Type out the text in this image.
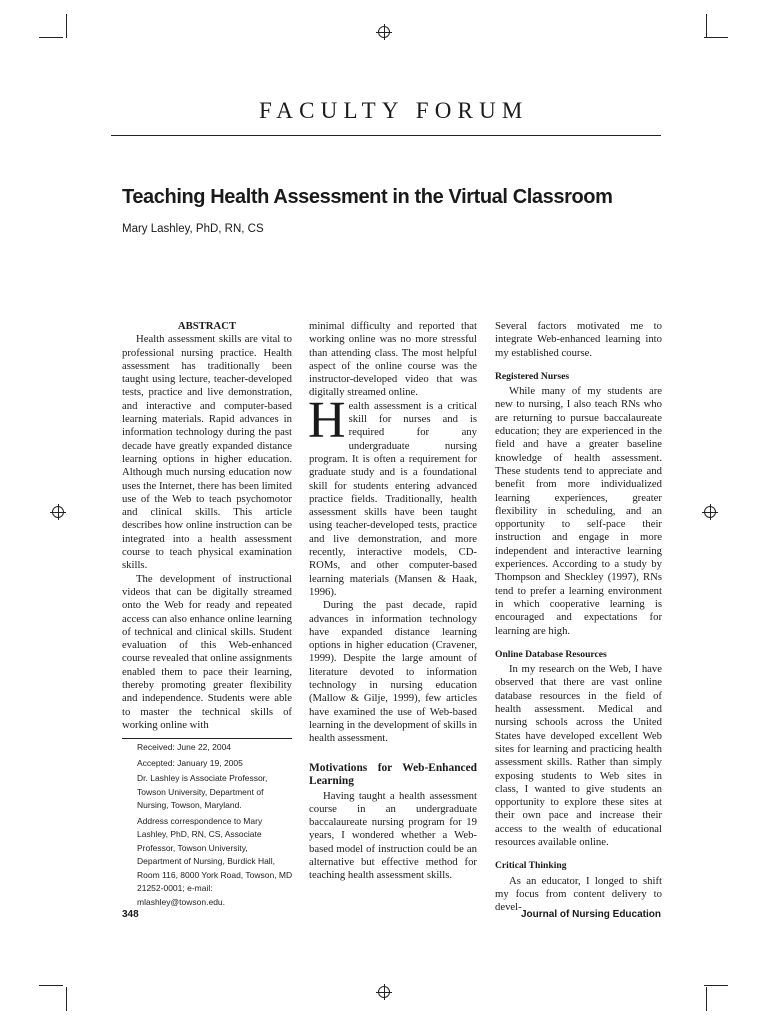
FACULTY FORUM
Teaching Health Assessment in the Virtual Classroom
Mary Lashley, PhD, RN, CS
ABSTRACT

Health assessment skills are vital to professional nursing practice. Health assessment has traditionally been taught using lecture, teacher-developed tests, practice and live demonstration, and interactive and computer-based learning materials. Rapid advances in information technology during the past decade have greatly expanded distance learning options in higher education. Although much nursing education now uses the Internet, there has been limited use of the Web to teach psychomotor and clinical skills. This article describes how online instruction can be integrated into a health assessment course to teach physical examination skills.

The development of instructional videos that can be digitally streamed onto the Web for ready and repeated access can also enhance online learning of technical and clinical skills. Student evaluation of this Web-enhanced course revealed that online assignments enabled them to pace their learning, thereby promoting greater flexibility and independence. Students were able to master the technical skills of working online with

Received: June 22, 2004

Accepted: January 19, 2005

Dr. Lashley is Associate Professor, Towson University, Department of Nursing, Towson, Maryland.

Address correspondence to Mary Lashley, PhD, RN, CS, Associate Professor, Towson University, Department of Nursing, Burdick Hall, Room 116, 8000 York Road, Towson, MD 21252-0001; e-mail: mlashley@towson.edu.

minimal difficulty and reported that working online was no more stressful than attending class. The most helpful aspect of the online course was the instructor-developed video that was digitally streamed online.

Health assessment is a critical skill for nurses and is required for any undergraduate nursing program. It is often a requirement for graduate study and is a foundational skill for students entering advanced practice fields. Traditionally, health assessment skills have been taught using teacher-developed tests, practice and live demonstration, and more recently, interactive models, CD-ROMs, and other computer-based learning materials (Mansen & Haak, 1996).

During the past decade, rapid advances in information technology have expanded distance learning options in higher education (Cravener, 1999). Despite the large amount of literature devoted to information technology in nursing education (Mallow & Gilje, 1999), few articles have examined the use of Web-based learning in the development of skills in health assessment.

Motivations for Web-Enhanced Learning

Having taught a health assessment course in an undergraduate baccalaureate nursing program for 19 years, I wondered whether a Web-based model of instruction could be an alternative but effective method for teaching health assessment skills.

Several factors motivated me to integrate Web-enhanced learning into my established course.

Registered Nurses

While many of my students are new to nursing, I also teach RNs who are returning to pursue baccalaureate education; they are experienced in the field and have a greater baseline knowledge of health assessment. These students tend to appreciate and benefit from more individualized learning experiences, greater flexibility in scheduling, and an opportunity to self-pace their instruction and engage in more independent and interactive learning experiences. According to a study by Thompson and Sheckley (1997), RNs tend to prefer a learning environment in which cooperative learning is encouraged and expectations for learning are high.

Online Database Resources

In my research on the Web, I have observed that there are vast online database resources in the field of health assessment. Medical and nursing schools across the United States have developed excellent Web sites for learning and practicing health assessment skills. Rather than simply exposing students to Web sites in class, I wanted to give students an opportunity to explore these sites at their own pace and increase their access to the wealth of educational resources available online.

Critical Thinking

As an educator, I longed to shift my focus from content delivery to devel-

348	Journal of Nursing Education
